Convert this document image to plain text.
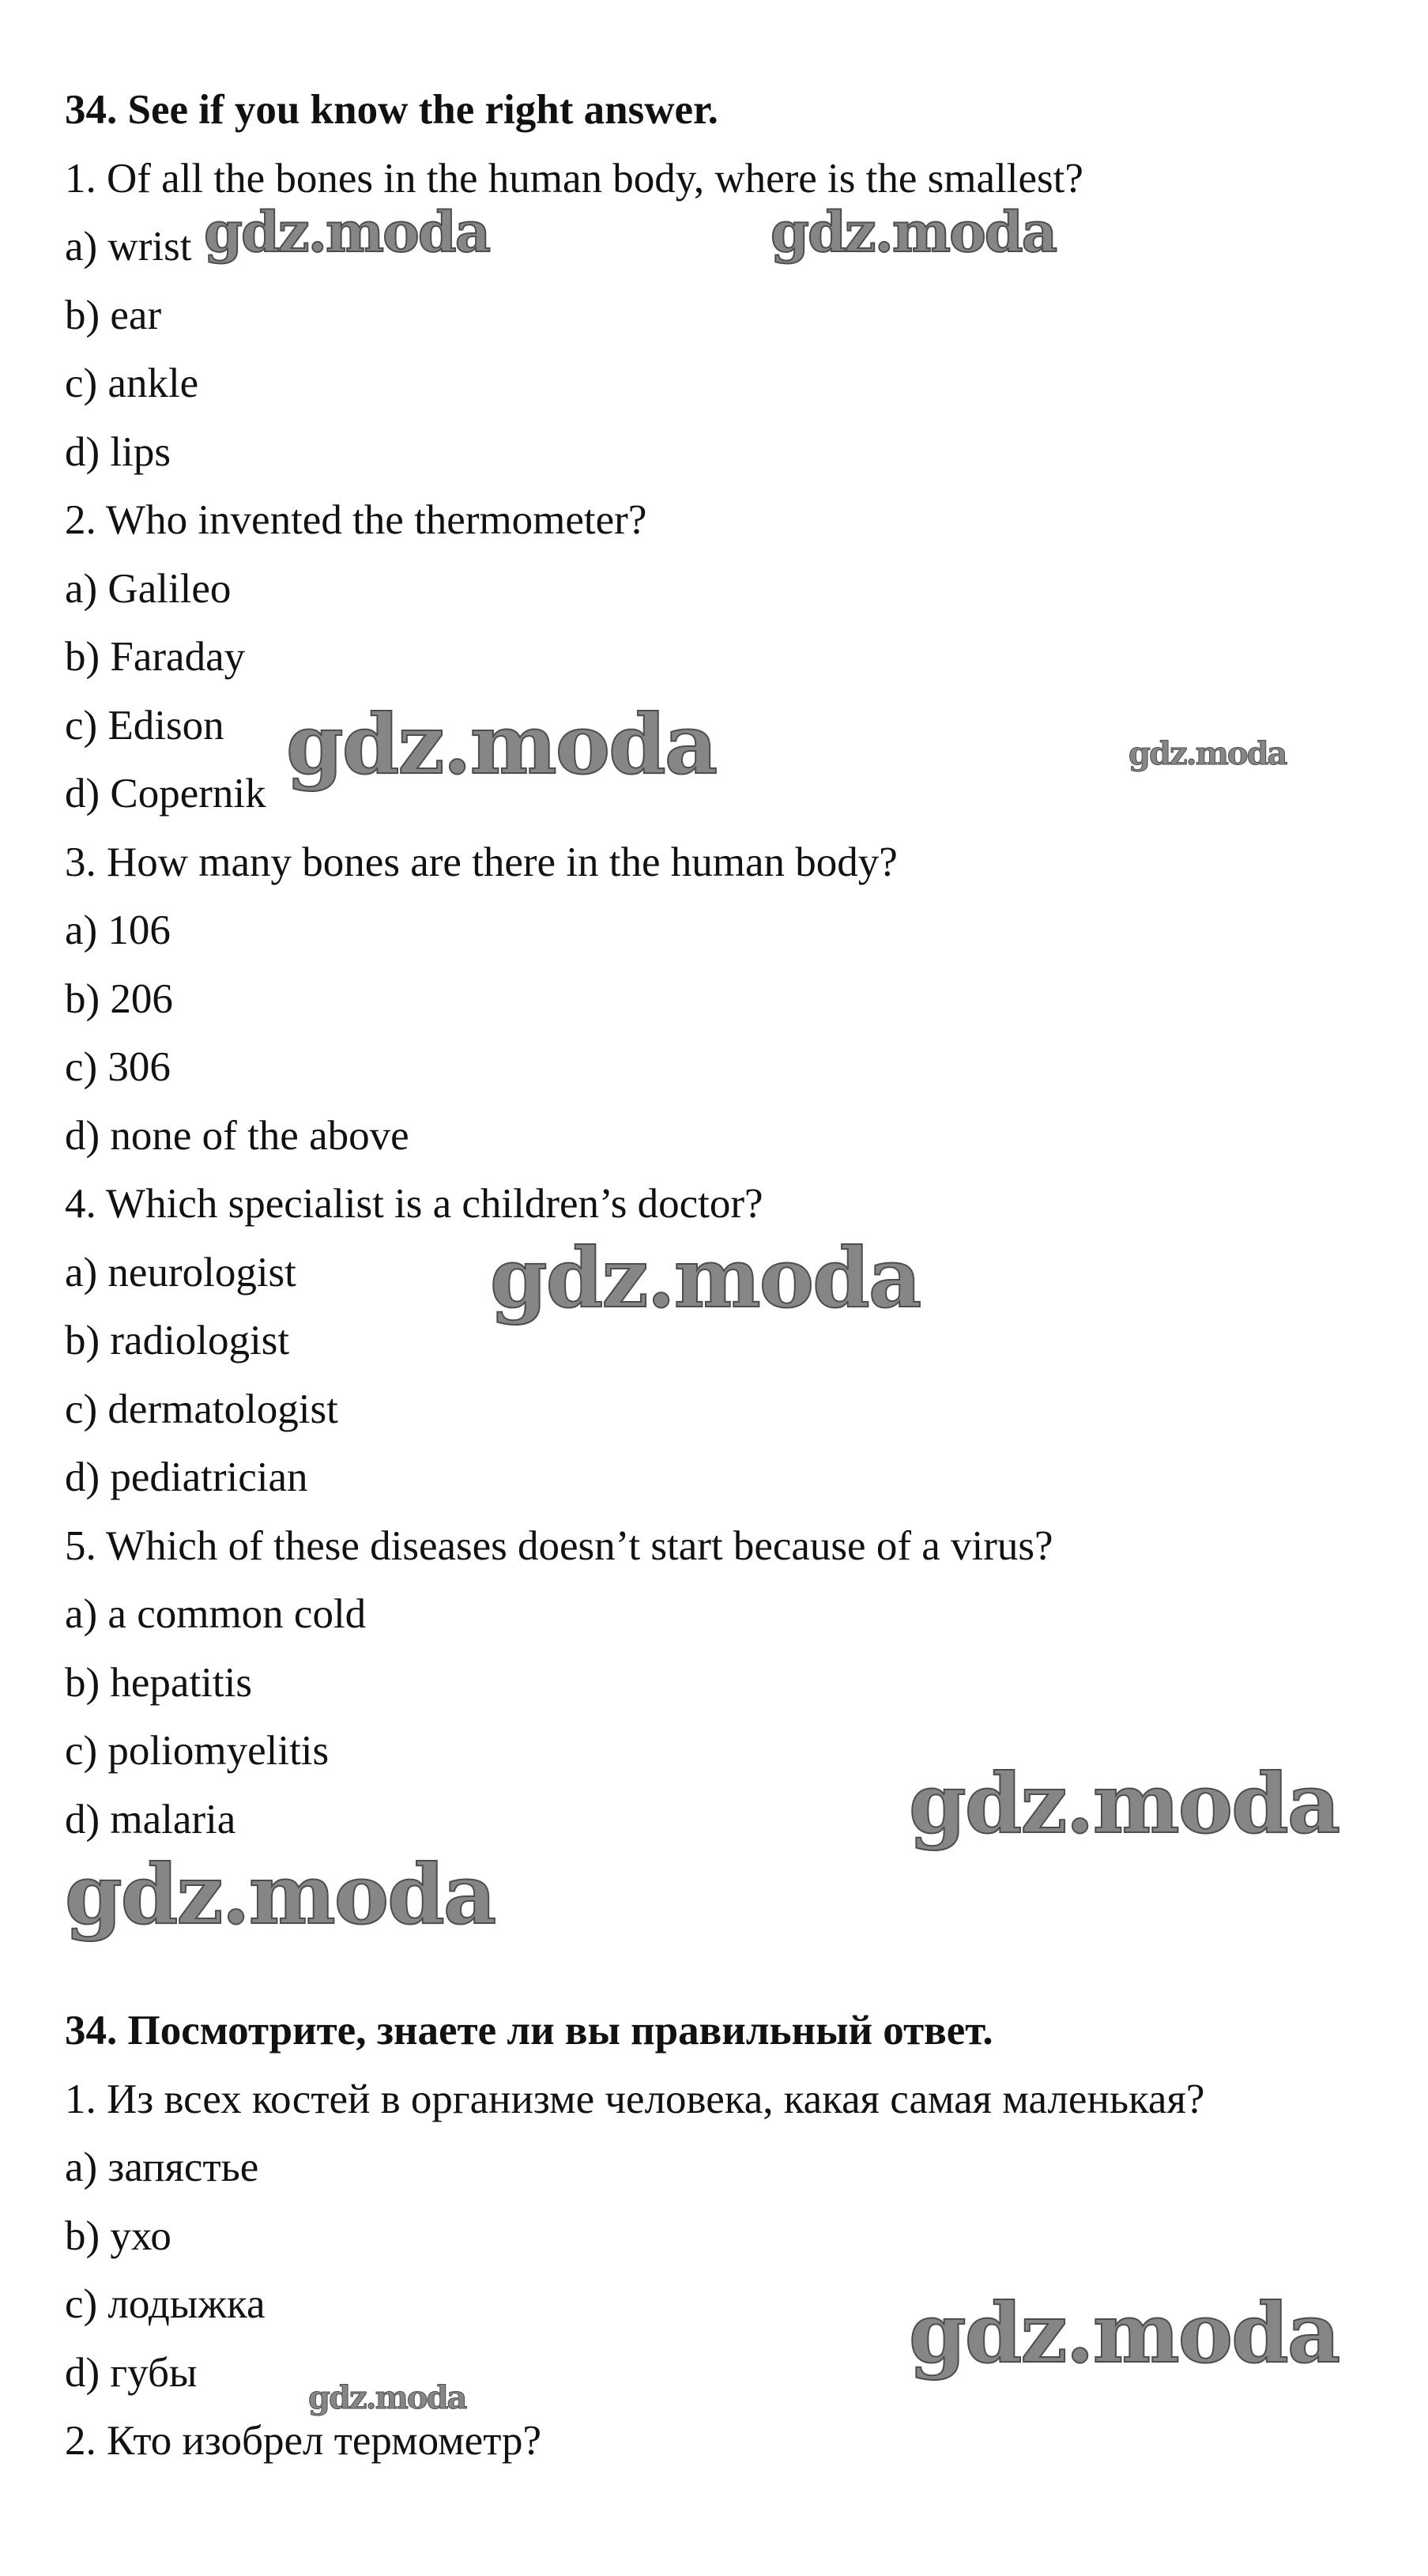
34. See if you know the right answer.
1. Of all the bones in the human body, where is the smallest?
a) wrist
b) ear
c) ankle
d) lips
2. Who invented the thermometer?
a) Galileo
b) Faraday
c) Edison
d) Copernik
3. How many bones are there in the human body?
a) 106
b) 206
c) 306
d) none of the above
4. Which specialist is a children’s doctor?
a) neurologist
b) radiologist
c) dermatologist
d) pediatrician
5. Which of these diseases doesn’t start because of a virus?
a) a common cold
b) hepatitis
c) poliomyelitis
d) malaria
34. Посмотрите, знаете ли вы правильный ответ.
1. Из всех костей в организме человека, какая самая маленькая?
a) запястье
b) ухо
c) лодыжка
d) губы
2. Кто изобрел термометр?
gdz.moda	gdz.moda
gdz.moda	gdz.moda
gdz.moda
gdz.moda
gdz.moda
gdz.moda
gdz.moda
